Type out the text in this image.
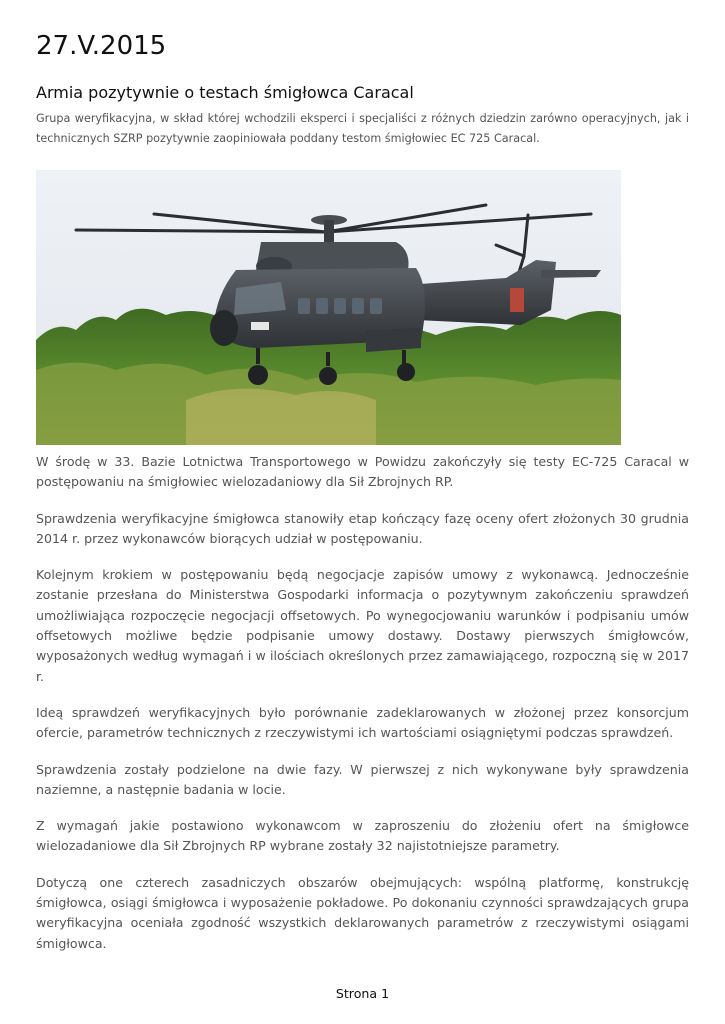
27.V.2015
Armia pozytywnie o testach śmigłowca Caracal

Grupa weryfikacyjna, w skład której wchodzili eksperci i specjaliści z różnych dziedzin zarówno operacyjnych, jak i technicznych SZRP pozytywnie zaopiniowała poddany testom śmigłowiec EC 725 Caracal.

W środę w 33. Bazie Lotnictwa Transportowego w Powidzu zakończyły się testy EC-725 Caracal w postępowaniu na śmigłowiec wielozadaniowy dla Sił Zbrojnych RP.

Sprawdzenia weryfikacyjne śmigłowca stanowiły etap kończący fazę oceny ofert złożonych 30 grudnia 2014 r. przez wykonawców biorących udział w postępowaniu.

Kolejnym krokiem w postępowaniu będą negocjacje zapisów umowy z wykonawcą. Jednocześnie zostanie przesłana do Ministerstwa Gospodarki informacja o pozytywnym zakończeniu sprawdzeń umożliwiająca rozpoczęcie negocjacji offsetowych. Po wynegocjowaniu warunków i podpisaniu umów offsetowych możliwe będzie podpisanie umowy dostawy. Dostawy pierwszych śmigłowców, wyposażonych według wymagań i w ilościach określonych przez zamawiającego, rozpoczną się w 2017 r.

Ideą sprawdzeń weryfikacyjnych było porównanie zadeklarowanych w złożonej przez konsorcjum ofercie, parametrów technicznych z rzeczywistymi ich wartościami osiągniętymi podczas sprawdzeń.

Sprawdzenia zostały podzielone na dwie fazy. W pierwszej z nich wykonywane były sprawdzenia naziemne, a następnie badania w locie.

Z wymagań jakie postawiono wykonawcom w zaproszeniu do złożeniu ofert na śmigłowce wielozadaniowe dla Sił Zbrojnych RP wybrane zostały 32 najistotniejsze parametry.

Dotyczą one czterech zasadniczych obszarów obejmujących: wspólną platformę, konstrukcję śmigłowca, osiągi śmigłowca i wyposażenie pokładowe. Po dokonaniu czynności sprawdzających grupa weryfikacyjna oceniała zgodność wszystkich deklarowanych parametrów z rzeczywistymi osiągami śmigłowca.

Strona 1
